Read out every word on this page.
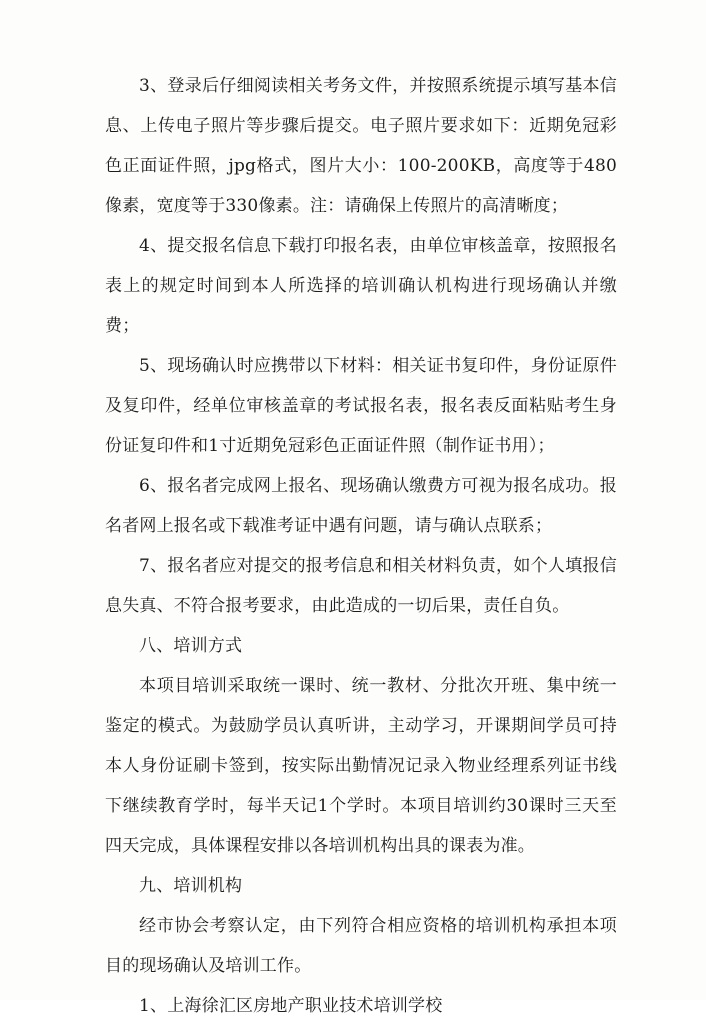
3、登录后仔细阅读相关考务文件，并按照系统提示填写基本信息、上传电子照片等步骤后提交。电子照片要求如下：近期免冠彩色正面证件照，jpg格式，图片大小：100-200KB，高度等于480像素，宽度等于330像素。注：请确保上传照片的高清晰度；

4、提交报名信息下载打印报名表，由单位审核盖章，按照报名表上的规定时间到本人所选择的培训确认机构进行现场确认并缴费；

5、现场确认时应携带以下材料：相关证书复印件，身份证原件及复印件，经单位审核盖章的考试报名表，报名表反面粘贴考生身份证复印件和1寸近期免冠彩色正面证件照（制作证书用）；

6、报名者完成网上报名、现场确认缴费方可视为报名成功。报名者网上报名或下载准考证中遇有问题，请与确认点联系；

7、报名者应对提交的报考信息和相关材料负责，如个人填报信息失真、不符合报考要求，由此造成的一切后果，责任自负。

八、培训方式

本项目培训采取统一课时、统一教材、分批次开班、集中统一鉴定的模式。为鼓励学员认真听讲，主动学习，开课期间学员可持本人身份证刷卡签到，按实际出勤情况记录入物业经理系列证书线下继续教育学时，每半天记1个学时。本项目培训约30课时三天至四天完成，具体课程安排以各培训机构出具的课表为准。

九、培训机构

经市协会考察认定，由下列符合相应资格的培训机构承担本项目的现场确认及培训工作。

1、上海徐汇区房地产职业技术培训学校
